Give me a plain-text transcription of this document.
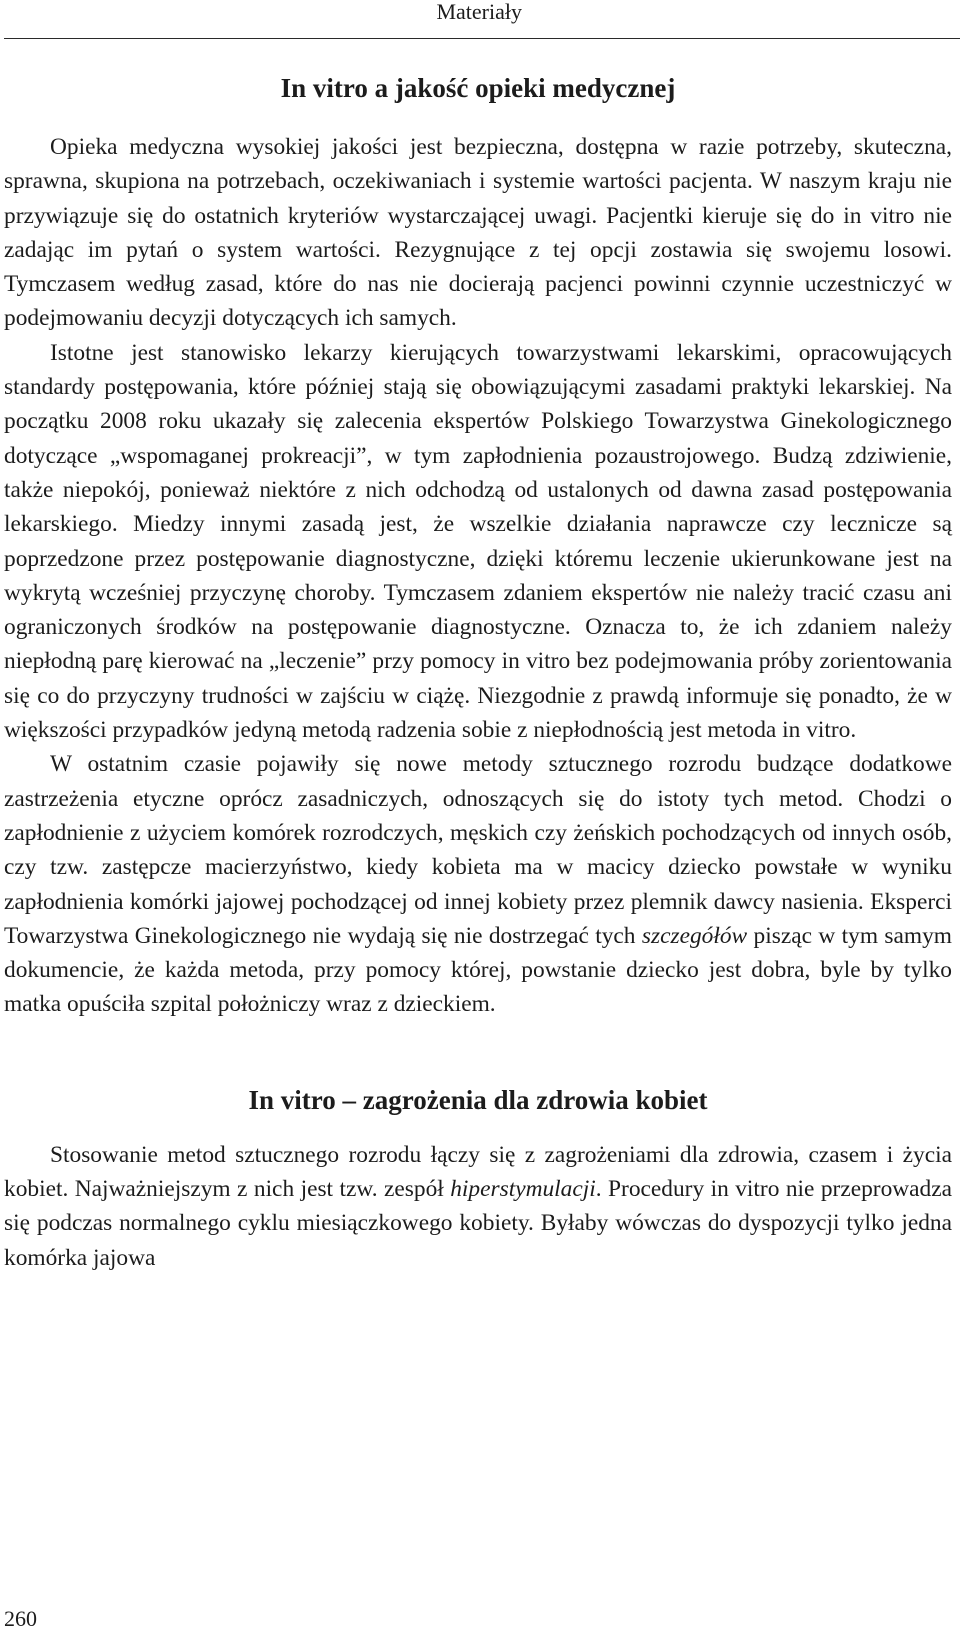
Materiały
In vitro a jakość opieki medycznej

Opieka medyczna wysokiej jakości jest bezpieczna, dostępna w razie potrzeby, skuteczna, sprawna, skupiona na potrzebach, oczekiwaniach i systemie wartości pacjenta. W naszym kraju nie przywiązuje się do ostatnich kryteriów wystarczającej uwagi. Pacjentki kieruje się do in vitro nie zadając im pytań o system wartości. Rezygnujące z tej opcji zostawia się swojemu losowi. Tymczasem według zasad, które do nas nie docierają pacjenci powinni czynnie uczestniczyć w podejmowaniu decyzji dotyczących ich samych.

Istotne jest stanowisko lekarzy kierujących towarzystwami lekarskimi, opracowujących standardy postępowania, które później stają się obowiązującymi zasadami praktyki lekarskiej. Na początku 2008 roku ukazały się zalecenia ekspertów Polskiego Towarzystwa Ginekologicznego dotyczące „wspomaganej prokreacji”, w tym zapłodnienia pozaustrojowego. Budzą zdziwienie, także niepokój, ponieważ niektóre z nich odchodzą od ustalonych od dawna zasad postępowania lekarskiego. Miedzy innymi zasadą jest, że wszelkie działania naprawcze czy lecznicze są poprzedzone przez postępowanie diagnostyczne, dzięki któremu leczenie ukierunkowane jest na wykrytą wcześniej przyczynę choroby. Tymczasem zdaniem ekspertów nie należy tracić czasu ani ograniczonych środków na postępowanie diagnostyczne. Oznacza to, że ich zdaniem należy niepłodną parę kierować na „leczenie” przy pomocy in vitro bez podejmowania próby zorientowania się co do przyczyny trudności w zajściu w ciążę. Niezgodnie z prawdą informuje się ponadto, że w większości przypadków jedyną metodą radzenia sobie z niepłodnością jest metoda in vitro.

W ostatnim czasie pojawiły się nowe metody sztucznego rozrodu budzące dodatkowe zastrzeżenia etyczne oprócz zasadniczych, odnoszących się do istoty tych metod. Chodzi o zapłodnienie z użyciem komórek rozrodczych, męskich czy żeńskich pochodzących od innych osób, czy tzw. zastępcze macierzyństwo, kiedy kobieta ma w macicy dziecko powstałe w wyniku zapłodnienia komórki jajowej pochodzącej od innej kobiety przez plemnik dawcy nasienia. Eksperci Towarzystwa Ginekologicznego nie wydają się nie dostrzegać tych szczegółów pisząc w tym samym dokumencie, że każda metoda, przy pomocy której, powstanie dziecko jest dobra, byle by tylko matka opuściła szpital położniczy wraz z dzieckiem.

In vitro – zagrożenia dla zdrowia kobiet

Stosowanie metod sztucznego rozrodu łączy się z zagrożeniami dla zdrowia, czasem i życia kobiet. Najważniejszym z nich jest tzw. zespół hiperstymulacji. Procedury in vitro nie przeprowadza się podczas normalnego cyklu miesiączkowego kobiety. Byłaby wówczas do dyspozycji tylko jedna komórka jajowa

260
